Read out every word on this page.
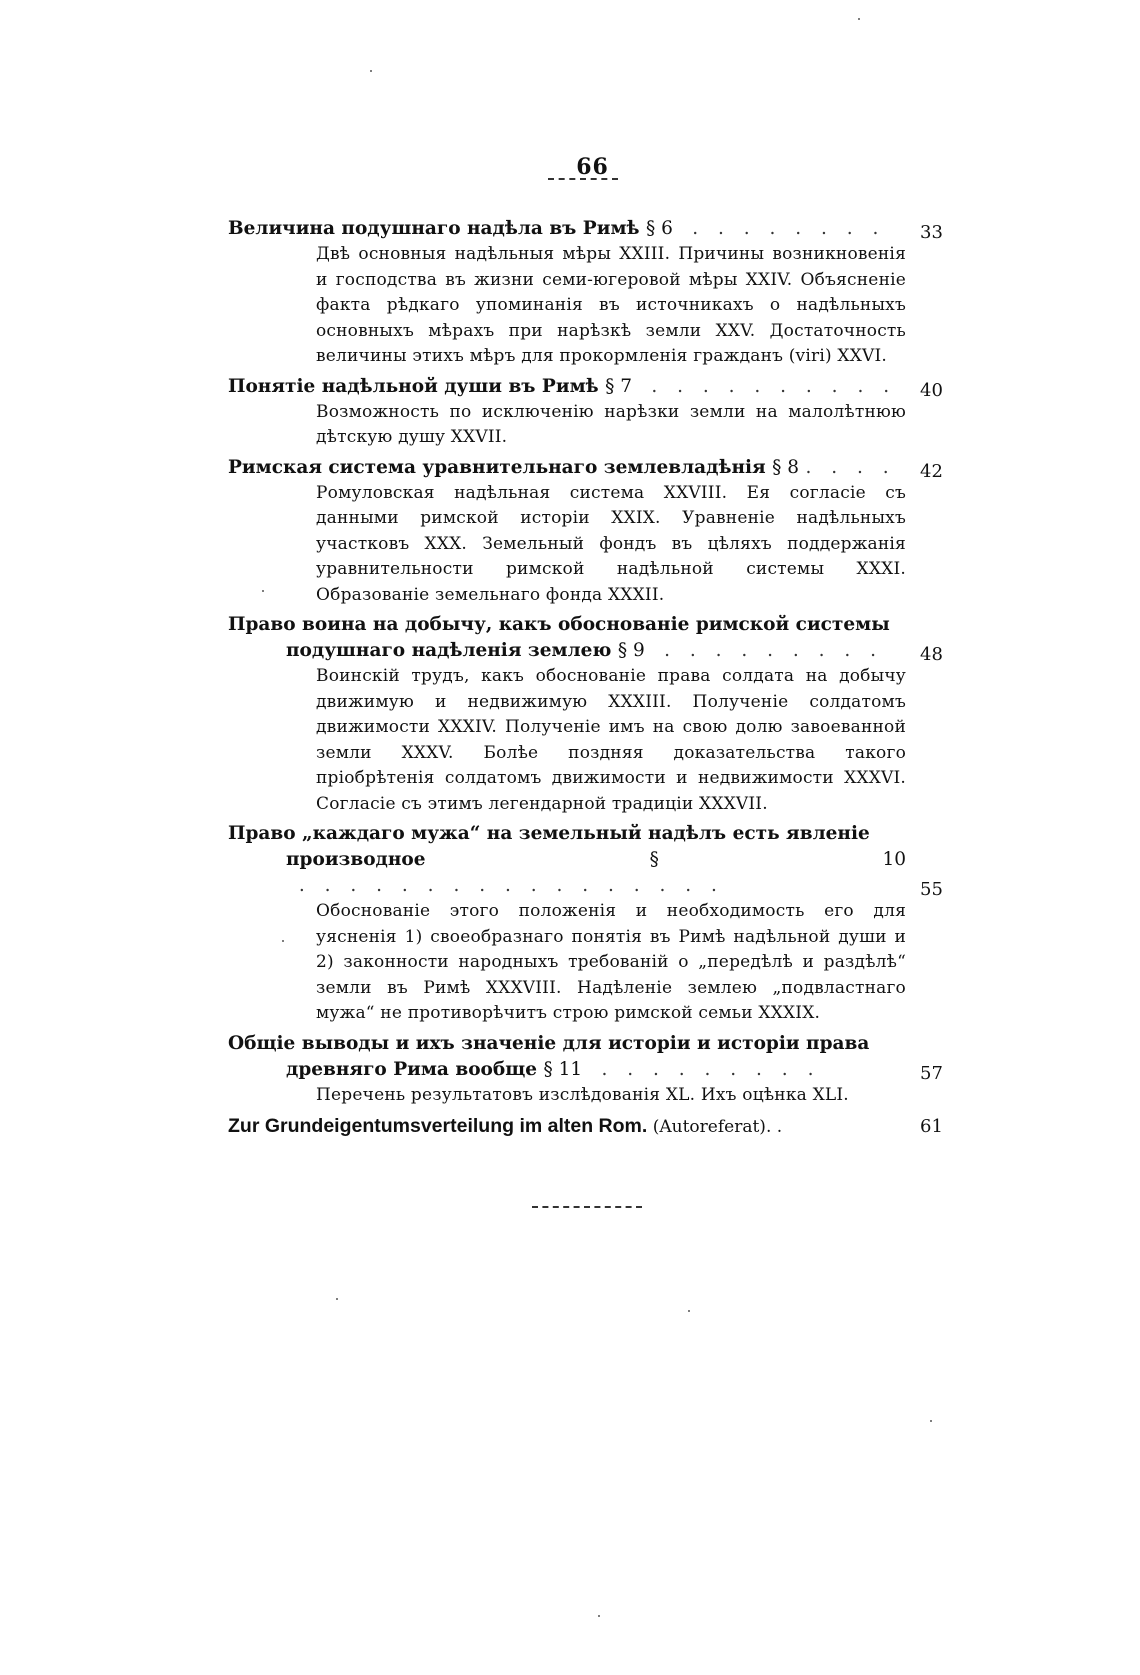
66
Величина подушнаго надѣла въ Римѣ § 6  . . . . . . . . 33
Двѣ основныя надѣльныя мѣры XXIII. Причины возникновенія и господства въ жизни семи-югеровой мѣры XXIV. Объясненіе факта рѣдкаго упоминанія въ источникахъ о надѣльныхъ основныхъ мѣрахъ при нарѣзкѣ земли XXV. Достаточность величины этихъ мѣръ для прокормленія гражданъ (viri) XXVI.
Понятіе надѣльной души въ Римѣ § 7  . . . . . . . . . . 40
Возможность по исключенію нарѣзки земли на малолѣтнюю дѣтскую душу XXVII.
Римская система уравнительнаго землевладѣнія § 8 . . . . 42
Ромуловская надѣльная система XXVIII. Ея согласіе съ данными римской исторіи XXIX. Уравненіе надѣльныхъ участковъ XXX. Земельный фондъ въ цѣляхъ поддержанія уравнительности римской надѣльной системы XXXI. Образованіе земельнаго фонда XXXII.
Право воина на добычу, какъ обоснованіе римской системы
подушнаго надѣленія землею § 9  . . . . . . . . .	48
Воинскій трудъ, какъ обоснованіе права солдата на добычу движимую и недвижимую XXXIII. Полученіе солдатомъ движимости XXXIV. Полученіе имъ на свою долю завоеванной земли XXXV. Болѣе поздняя доказательства такого пріобрѣтенія солдатомъ движимости и недвижимости XXXVI. Согласіе съ этимъ легендарной традиціи XXXVII.
Право „каждаго мужа“ на земельный надѣлъ есть явленіе
производное	§ 10  . . . . . . . . . . . . . . . . .	55
Обоснованіе этого положенія и необходимость его для уясненія 1) своеобразнаго понятія въ Римѣ надѣльной души и 2) законности народныхъ требованій о „передѣлѣ и раздѣлѣ“ земли въ Римѣ XXXVIII. Надѣленіе землею „подвластнаго мужа“ не противорѣчитъ строю римской семьи XXXIX.
Общіе выводы и ихъ значеніе для исторіи и исторіи права
древняго Рима вообще § 11  . . . . . . . . .	57
Перечень результатовъ изслѣдованія XL. Ихъ оцѣнка XLI.
Zur Grundeigentumsverteilung im alten Rom. (Autoreferat). .	61
